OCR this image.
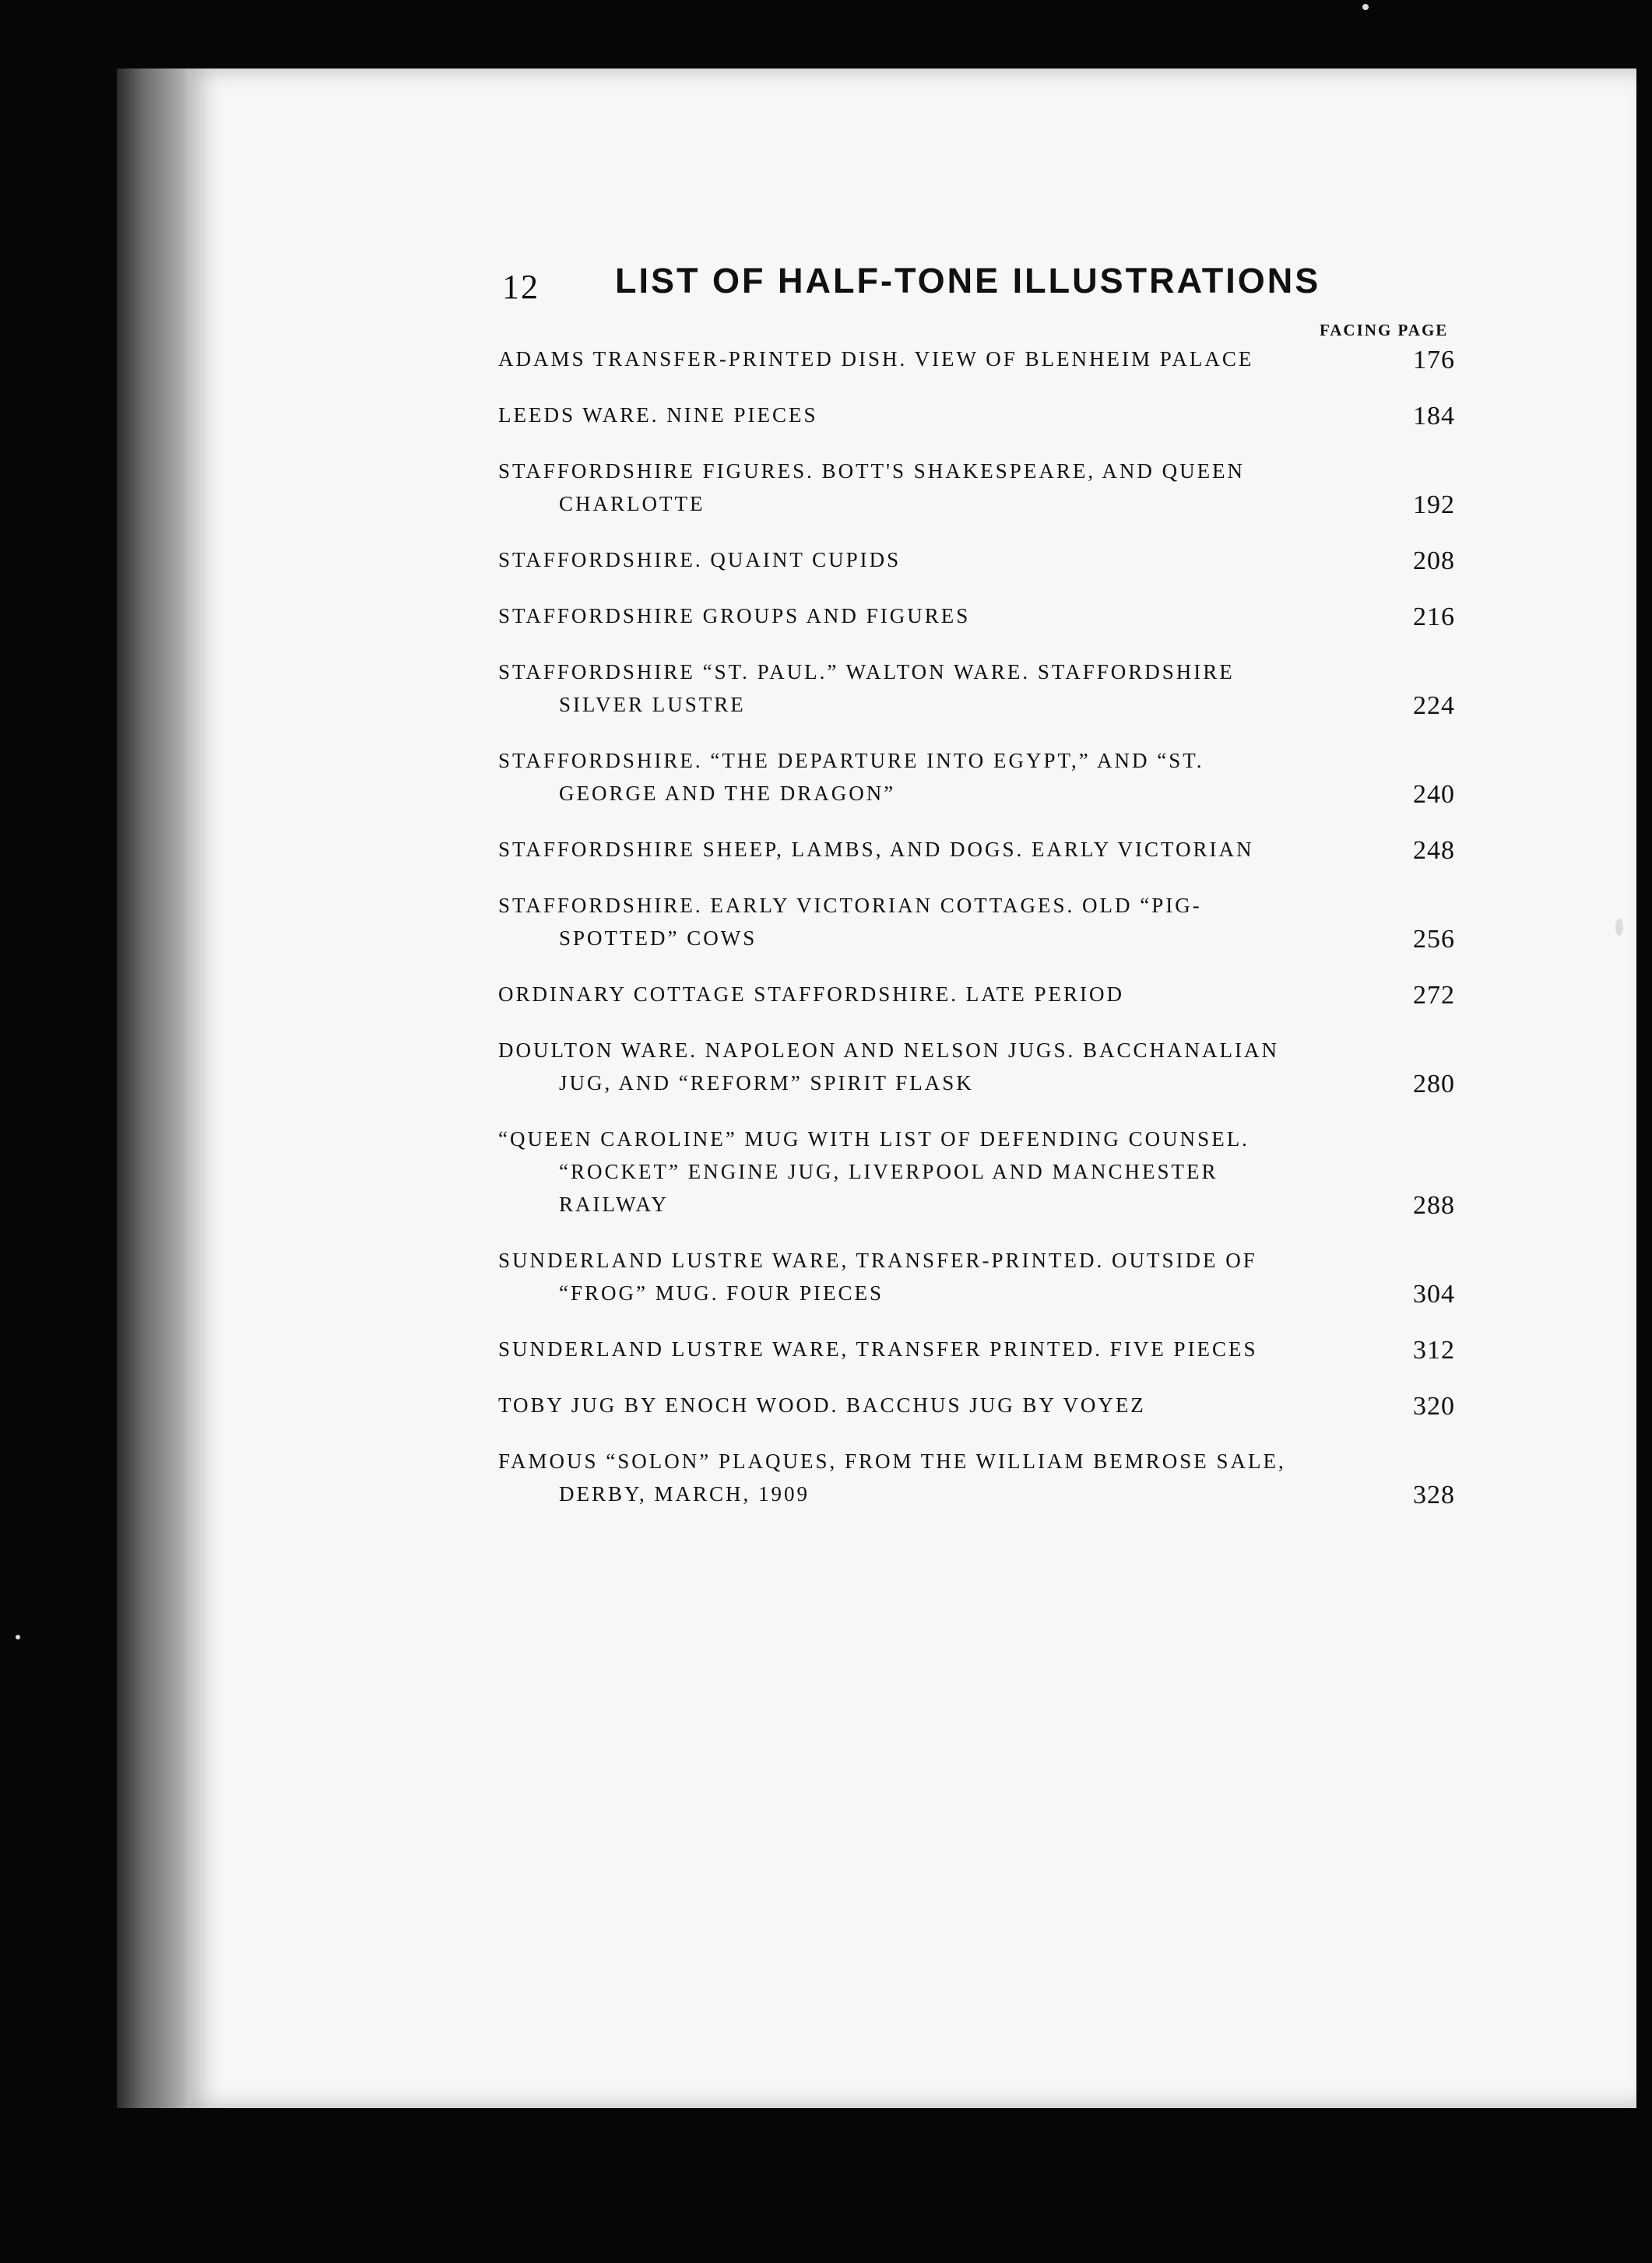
12 LIST OF HALF-TONE ILLUSTRATIONS
FACING PAGE
ADAMS TRANSFER-PRINTED DISH. VIEW OF BLENHEIM PALACE	176
LEEDS WARE. NINE PIECES	184
STAFFORDSHIRE FIGURES. BOTT'S SHAKESPEARE, AND QUEEN
CHARLOTTE	192
STAFFORDSHIRE. QUAINT CUPIDS	208
STAFFORDSHIRE GROUPS AND FIGURES	216
STAFFORDSHIRE “ST. PAUL.” WALTON WARE. STAFFORDSHIRE
SILVER LUSTRE	224
STAFFORDSHIRE. “THE DEPARTURE INTO EGYPT,” AND “ST.
GEORGE AND THE DRAGON”	240
STAFFORDSHIRE SHEEP, LAMBS, AND DOGS. EARLY VICTORIAN	248
STAFFORDSHIRE. EARLY VICTORIAN COTTAGES. OLD “PIG-
SPOTTED” COWS	256
ORDINARY COTTAGE STAFFORDSHIRE. LATE PERIOD	272
DOULTON WARE. NAPOLEON AND NELSON JUGS. BACCHANALIAN
JUG, AND “REFORM” SPIRIT FLASK	280
“QUEEN CAROLINE” MUG WITH LIST OF DEFENDING COUNSEL.
“ROCKET” ENGINE JUG, LIVERPOOL AND MANCHESTER
RAILWAY	288
SUNDERLAND LUSTRE WARE, TRANSFER-PRINTED. OUTSIDE OF
“FROG” MUG. FOUR PIECES	304
SUNDERLAND LUSTRE WARE, TRANSFER PRINTED. FIVE PIECES	312
TOBY JUG BY ENOCH WOOD. BACCHUS JUG BY VOYEZ	320
FAMOUS “SOLON” PLAQUES, FROM THE WILLIAM BEMROSE SALE,
DERBY, MARCH, 1909	328
